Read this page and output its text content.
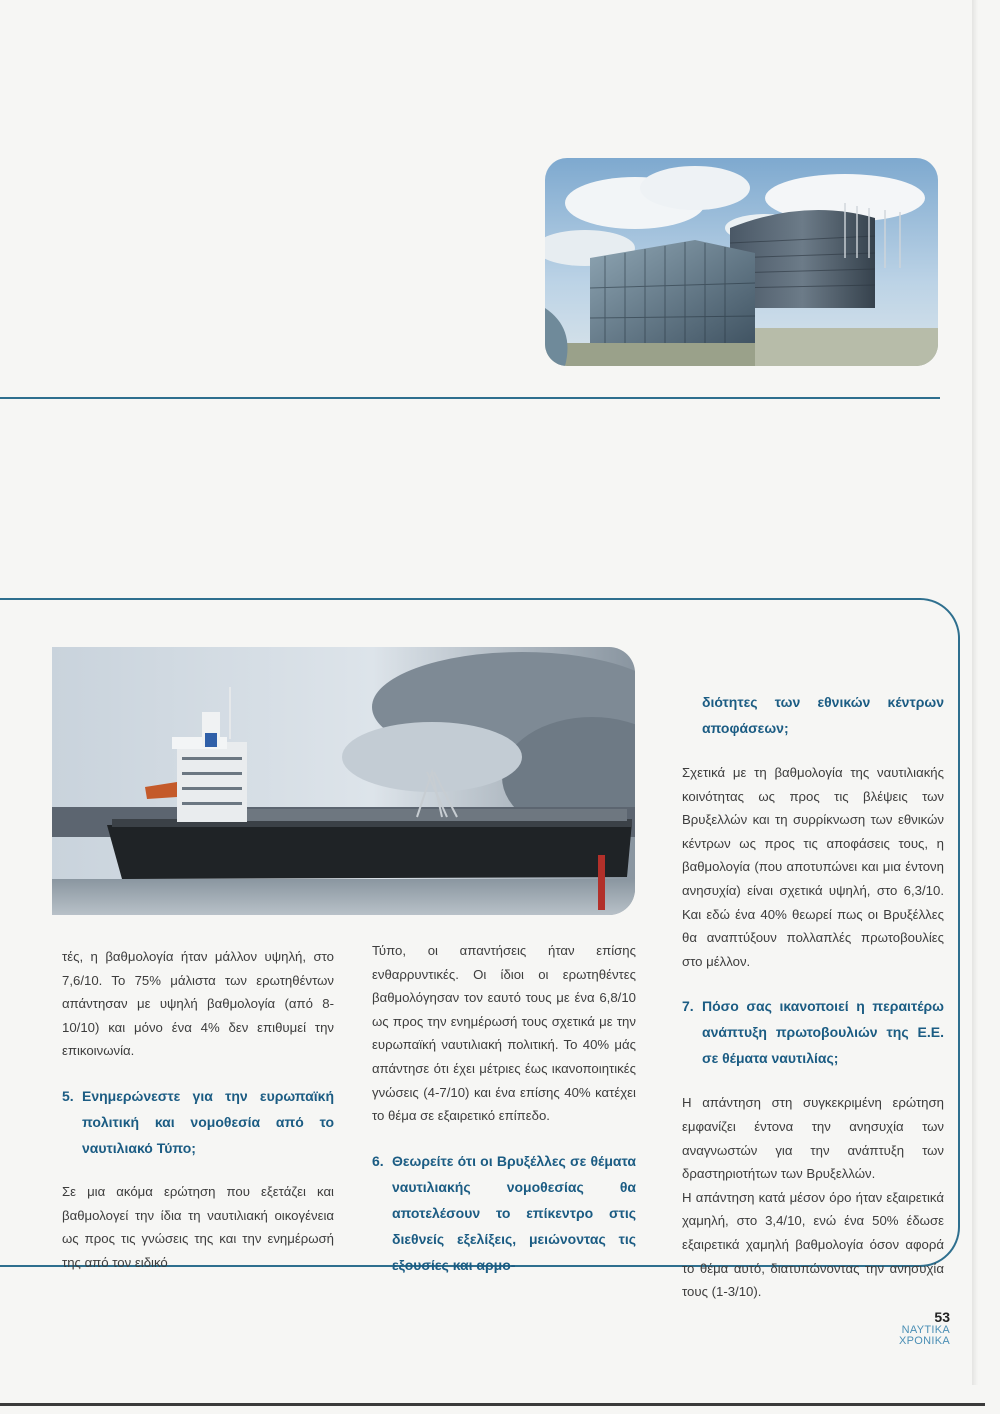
τές, η βαθμολογία ήταν μάλλον υψηλή, στο 7,6/10. Το 75% μάλιστα των ερωτηθέντων απάντησαν με υψηλή βαθμολογία (από 8-10/10) και μόνο ένα 4% δεν επιθυμεί την επικοινωνία.

5. Ενημερώνεστε για την ευρωπαϊκή πολιτική και νομοθεσία από το ναυτιλιακό Τύπο;

Σε μια ακόμα ερώτηση που εξετάζει και βαθμολογεί την ίδια τη ναυτιλιακή οικογένεια ως προς τις γνώσεις της και την ενημέρωσή της από τον ειδικό

Τύπο, οι απαντήσεις ήταν επίσης ενθαρρυντικές. Οι ίδιοι οι ερωτηθέντες βαθμολόγησαν τον εαυτό τους με ένα 6,8/10 ως προς την ενημέρωσή τους σχετικά με την ευρωπαϊκή ναυτιλιακή πολιτική. Το 40% μάς απάντησε ότι έχει μέτριες έως ικανοποιητικές γνώσεις (4-7/10) και ένα επίσης 40% κατέχει το θέμα σε εξαιρετικό επίπεδο.

6. Θεωρείτε ότι οι Βρυξέλλες σε θέματα ναυτιλιακής νομοθεσίας θα αποτελέσουν το επίκεντρο στις διεθνείς εξελίξεις, μειώνοντας τις εξουσίες και αρμο-
διότητες των εθνικών κέντρων αποφάσεων;

Σχετικά με τη βαθμολογία της ναυτιλιακής κοινότητας ως προς τις βλέψεις των Βρυξελλών και τη συρρίκνωση των εθνικών κέντρων ως προς τις αποφάσεις τους, η βαθμολογία (που αποτυπώνει και μια έντονη ανησυχία) είναι σχετικά υψηλή, στο 6,3/10. Και εδώ ένα 40% θεωρεί πως οι Βρυξέλλες θα αναπτύξουν πολλαπλές πρωτοβουλίες στο μέλλον.

7. Πόσο σας ικανοποιεί η περαιτέρω ανάπτυξη πρωτοβουλιών της Ε.Ε. σε θέματα ναυτιλίας;

Η απάντηση στη συγκεκριμένη ερώτηση εμφανίζει έντονα την ανησυχία των αναγνωστών για την ανάπτυξη των δραστηριοτήτων των Βρυξελλών.

Η απάντηση κατά μέσον όρο ήταν εξαιρετικά χαμηλή, στο 3,4/10, ενώ ένα 50% έδωσε εξαιρετικά χαμηλή βαθμολογία όσον αφορά το θέμα αυτό, διατυπώνοντας την ανησυχία τους (1-3/10).

53
ΝΑΥΤΙΚΑ
ΧΡΟΝΙΚΑ
